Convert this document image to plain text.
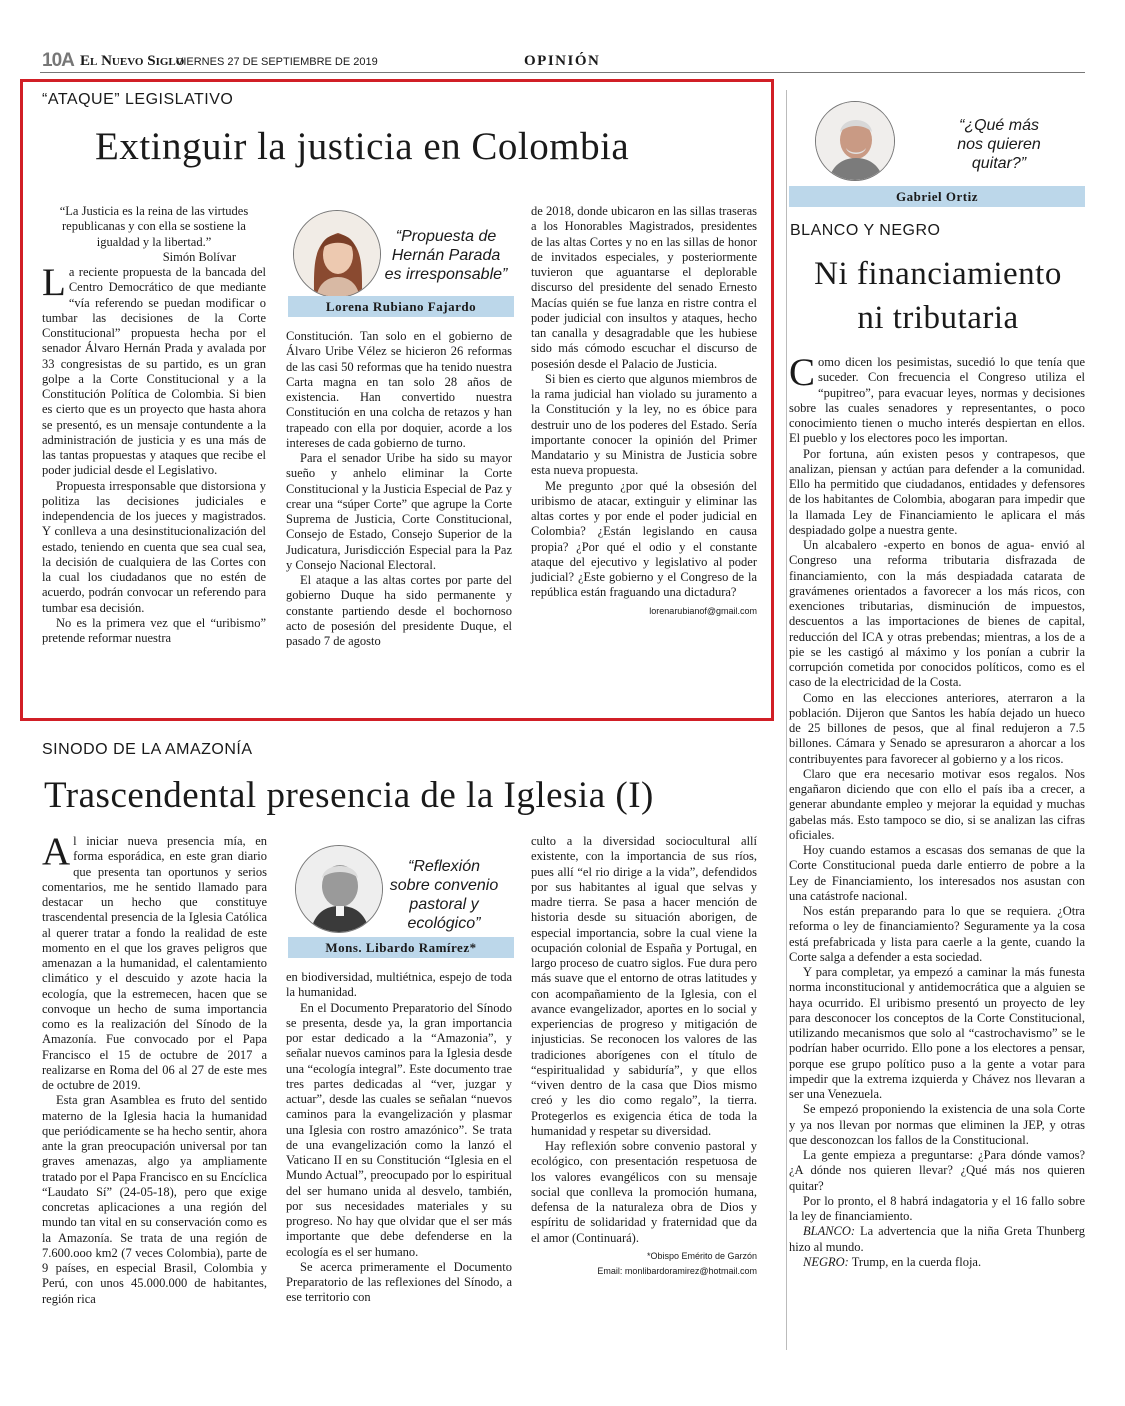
10A El Nuevo Siglo
VIERNES 27 DE SEPTIEMBRE DE 2019	OPINIÓN
“ATAQUE” LEGISLATIVO
Extinguir la justicia en Colombia

“La Justicia es la reina de las virtudes republicanas y con ella se sostiene la igualdad y la libertad.”

Simón Bolívar

La reciente propuesta de la bancada del Centro Democrático de que mediante “vía referendo se puedan modificar o tumbar las decisiones de la Corte Constitucional” propuesta hecha por el senador Álvaro Hernán Prada y avalada por 33 congresistas de su partido, es un gran golpe a la Corte Constitucional y a la Constitución Política de Colombia. Si bien es cierto que es un proyecto que hasta ahora se presentó, es un mensaje contundente a la administración de justicia y es una más de las tantas propuestas y ataques que recibe el poder judicial desde el Legislativo.

Propuesta irresponsable que distorsiona y politiza las decisiones judiciales e independencia de los jueces y magistrados. Y conlleva a una desinstitucionalización del estado, teniendo en cuenta que sea cual sea, la decisión de cualquiera de las Cortes con la cual los ciudadanos que no estén de acuerdo, podrán convocar un referendo para tumbar esa decisión.

No es la primera vez que el “uribismo” pretende reformar nuestra

“Propuesta de
Hernán Parada
es irresponsable”
Lorena Rubiano Fajardo

Constitución. Tan solo en el gobierno de Álvaro Uribe Vélez se hicieron 26 reformas de las casi 50 reformas que ha tenido nuestra Carta magna en tan solo 28 años de existencia. Han convertido nuestra Constitución en una colcha de retazos y han trapeado con ella por doquier, acorde a los intereses de cada gobierno de turno.

Para el senador Uribe ha sido su mayor sueño y anhelo eliminar la Corte Constitucional y la Justicia Especial de Paz y crear una “súper Corte” que agrupe la Corte Suprema de Justicia, Corte Constitucional, Consejo de Estado, Consejo Superior de la Judicatura, Jurisdicción Especial para la Paz y Consejo Nacional Electoral.

El ataque a las altas cortes por parte del gobierno Duque ha sido permanente y constante partiendo desde el bochornoso acto de posesión del presidente Duque, el pasado 7 de agosto

de 2018, donde ubicaron en las sillas traseras a los Honorables Magistrados, presidentes de las altas Cortes y no en las sillas de honor de invitados especiales, y posteriormente tuvieron que aguantarse el deplorable discurso del presidente del senado Ernesto Macías quién se fue lanza en ristre contra el poder judicial con insultos y ataques, hecho tan canalla y desagradable que les hubiese sido más cómodo escuchar el discurso de posesión desde el Palacio de Justicia.

Si bien es cierto que algunos miembros de la rama judicial han violado su juramento a la Constitución y la ley, no es óbice para destruir uno de los poderes del Estado. Sería importante conocer la opinión del Primer Mandatario y su Ministra de Justicia sobre esta nueva propuesta.

Me pregunto ¿por qué la obsesión del uribismo de atacar, extinguir y eliminar las altas cortes y por ende el poder judicial en Colombia? ¿Están legislando en causa propia? ¿Por qué el odio y el constante ataque del ejecutivo y legislativo al poder judicial? ¿Este gobierno y el Congreso de la república están fraguando una dictadura?

lorenarubianof@gmail.com

SINODO DE LA AMAZONÍA
Trascendental presencia de la Iglesia (I)

Al iniciar nueva presencia mía, en forma esporádica, en este gran diario que presenta tan oportunos y serios comentarios, me he sentido llamado para destacar un hecho que constituye trascendental presencia de la Iglesia Católica al querer tratar a fondo la realidad de este momento en el que los graves peligros que amenazan a la humanidad, el calentamiento climático y el descuido y azote hacia la ecología, que la estremecen, hacen que se convoque un hecho de suma importancia como es la realización del Sínodo de la Amazonía. Fue convocado por el Papa Francisco el 15 de octubre de 2017 a realizarse en Roma del 06 al 27 de este mes de octubre de 2019.

Esta gran Asamblea es fruto del sentido materno de la Iglesia hacia la humanidad que periódicamente se ha hecho sentir, ahora ante la gran preocupación universal por tan graves amenazas, algo ya ampliamente tratado por el Papa Francisco en su Encíclica “Laudato Sí” (24-05-18), pero que exige concretas aplicaciones a una región del mundo tan vital en su conservación como es la Amazonía. Se trata de una región de 7.600.ooo km2 (7 veces Colombia), parte de 9 países, en especial Brasil, Colombia y Perú, con unos 45.000.000 de habitantes, región rica

“Reflexión
sobre convenio
pastoral y
ecológico”
Mons. Libardo Ramírez*

en biodiversidad, multiétnica, espejo de toda la humanidad.

En el Documento Preparatorio del Sínodo se presenta, desde ya, la gran importancia por estar dedicado a la “Amazonia”, y señalar nuevos caminos para la Iglesia desde una “ecología integral”. Este documento trae tres partes dedicadas al “ver, juzgar y actuar”, desde las cuales se señalan “nuevos caminos para la evangelización y plasmar una Iglesia con rostro amazónico”. Se trata de una evangelización como la lanzó el Vaticano II en su Constitución “Iglesia en el Mundo Actual”, preocupado por lo espiritual del ser humano unida al desvelo, también, por sus necesidades materiales y su progreso. No hay que olvidar que el ser más importante que debe defenderse en la ecología es el ser humano.

Se acerca primeramente el Documento Preparatorio de las reflexiones del Sínodo, a ese territorio con

culto a la diversidad sociocultural allí existente, con la importancia de sus ríos, pues allí “el rio dirige a la vida”, defendidos por sus habitantes al igual que selvas y madre tierra. Se pasa a hacer mención de historia desde su situación aborigen, de especial importancia, sobre la cual viene la ocupación colonial de España y Portugal, en largo proceso de cuatro siglos. Fue dura pero más suave que el entorno de otras latitudes y con acompañamiento de la Iglesia, con el avance evangelizador, aportes en lo social y experiencias de progreso y mitigación de injusticias. Se reconocen los valores de las tradiciones aborígenes con el título de “espiritualidad y sabiduría”, y que ellos “viven dentro de la casa que Dios mismo creó y les dio como regalo”, la tierra. Protegerlos es exigencia ética de toda la humanidad y respetar su diversidad.

Hay reflexión sobre convenio pastoral y ecológico, con presentación respetuosa de los valores evangélicos con su mensaje social que conlleva la promoción humana, defensa de la naturaleza obra de Dios y espíritu de solidaridad y fraternidad que da el amor (Continuará).

*Obispo Emérito de Garzón

Email: monlibardoramirez@hotmail.com

“¿Qué más
nos quieren
quitar?”
Gabriel Ortiz
BLANCO Y NEGRO
Ni financiamiento
ni tributaria

Como dicen los pesimistas, sucedió lo que tenía que suceder. Con frecuencia el Congreso utiliza el “pupitreo”, para evacuar leyes, normas y decisiones sobre las cuales senadores y representantes, o poco conocimiento tienen o mucho interés despiertan en ellos. El pueblo y los electores poco les importan.

Por fortuna, aún existen pesos y contrapesos, que analizan, piensan y actúan para defender a la comunidad. Ello ha permitido que ciudadanos, entidades y defensores de los habitantes de Colombia, abogaran para impedir que la llamada Ley de Financiamiento le aplicara el más despiadado golpe a nuestra gente.

Un alcabalero -experto en bonos de agua- envió al Congreso una reforma tributaria disfrazada de financiamiento, con la más despiadada catarata de gravámenes orientados a favorecer a los más ricos, con exenciones tributarias, disminución de impuestos, descuentos a las importaciones de bienes de capital, reducción del ICA y otras prebendas; mientras, a los de a pie se les castigó al máximo y los ponían a cubrir la corrupción cometida por conocidos políticos, como es el caso de la electricidad de la Costa.

Como en las elecciones anteriores, aterraron a la población. Dijeron que Santos les había dejado un hueco de 25 billones de pesos, que al final redujeron a 7.5 billones. Cámara y Senado se apresuraron a ahorcar a los contribuyentes para favorecer al gobierno y a los ricos.

Claro que era necesario motivar esos regalos. Nos engañaron diciendo que con ello el país iba a crecer, a generar abundante empleo y mejorar la equidad y muchas gabelas más. Esto tampoco se dio, si se analizan las cifras oficiales.

Hoy cuando estamos a escasas dos semanas de que la Corte Constitucional pueda darle entierro de pobre a la Ley de Financiamiento, los interesados nos asustan con una catástrofe nacional.

Nos están preparando para lo que se requiera. ¿Otra reforma o ley de financiamiento? Seguramente ya la cosa está prefabricada y lista para caerle a la gente, cuando la Corte salga a defender a esta sociedad.

Y para completar, ya empezó a caminar la más funesta norma inconstitucional y antidemocrática que a alguien se haya ocurrido. El uribismo presentó un proyecto de ley para desconocer los conceptos de la Corte Constitucional, utilizando mecanismos que solo al “castrochavismo” se le podrían haber ocurrido. Ello pone a los electores a pensar, porque ese grupo político puso a la gente a votar para impedir que la extrema izquierda y Chávez nos llevaran a ser una Venezuela.

Se empezó proponiendo la existencia de una sola Corte y ya nos llevan por normas que eliminen la JEP, y otras que desconozcan los fallos de la Constitucional.

La gente empieza a preguntarse: ¿Para dónde vamos? ¿A dónde nos quieren llevar? ¿Qué más nos quieren quitar?

Por lo pronto, el 8 habrá indagatoria y el 16 fallo sobre la ley de financiamiento.

BLANCO: La advertencia que la niña Greta Thunberg hizo al mundo.

NEGRO: Trump, en la cuerda floja.
